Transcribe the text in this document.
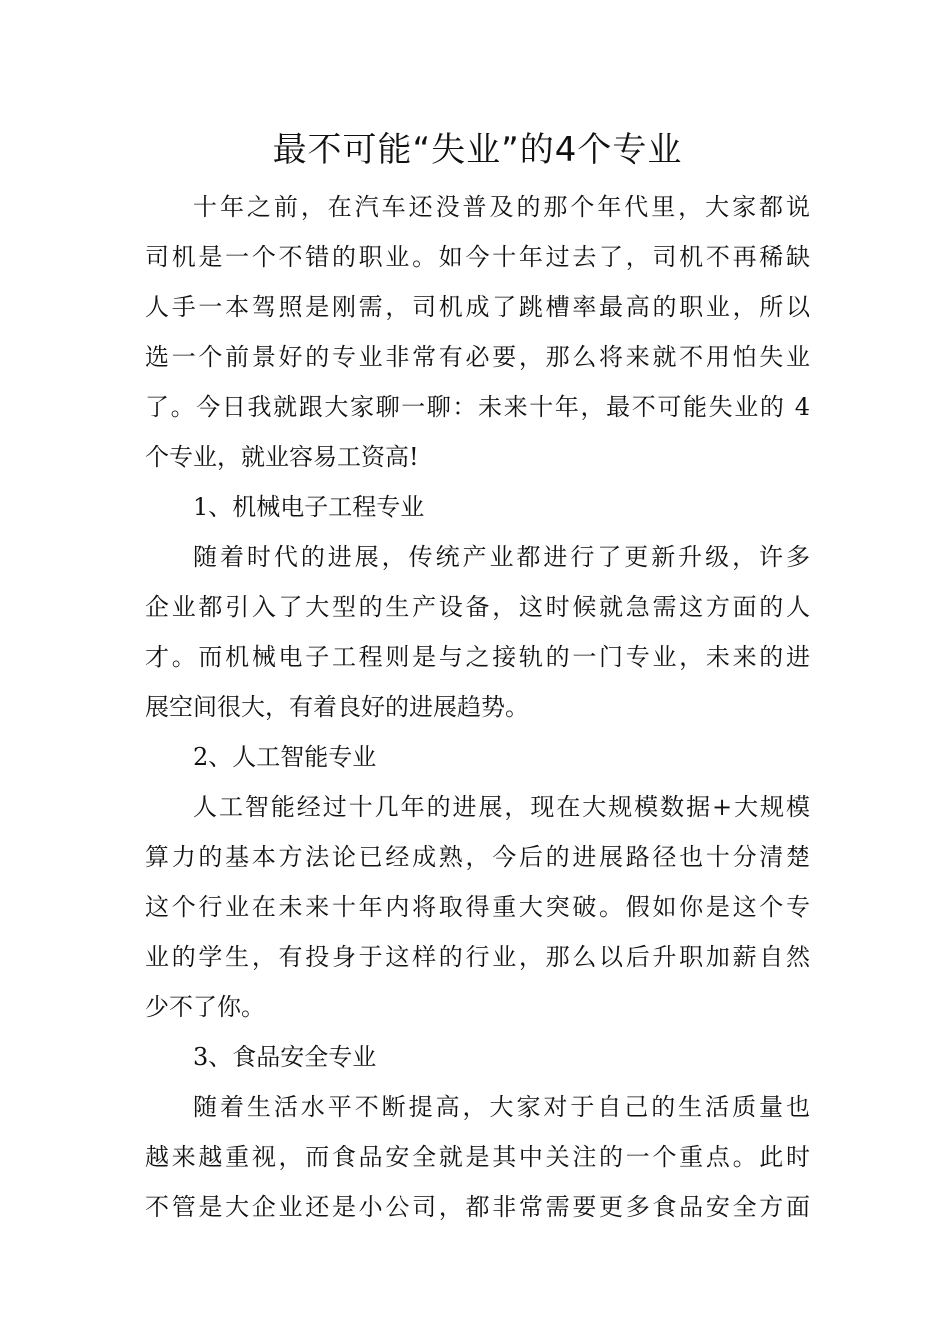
最不可能“失业”的4个专业
十年之前，在汽车还没普及的那个年代里，大家都说
司机是一个不错的职业。如今十年过去了，司机不再稀缺
人手一本驾照是刚需，司机成了跳槽率最高的职业，所以
选一个前景好的专业非常有必要，那么将来就不用怕失业
了。今日我就跟大家聊一聊：未来十年，最不可能失业的 4
个专业，就业容易工资高!
1、机械电子工程专业
随着时代的进展，传统产业都进行了更新升级，许多
企业都引入了大型的生产设备，这时候就急需这方面的人
才。而机械电子工程则是与之接轨的一门专业，未来的进
展空间很大，有着良好的进展趋势。
2、人工智能专业
人工智能经过十几年的进展，现在大规模数据+大规模
算力的基本方法论已经成熟，今后的进展路径也十分清楚
这个行业在未来十年内将取得重大突破。假如你是这个专
业的学生，有投身于这样的行业，那么以后升职加薪自然
少不了你。
3、食品安全专业
随着生活水平不断提高，大家对于自己的生活质量也
越来越重视，而食品安全就是其中关注的一个重点。此时
不管是大企业还是小公司，都非常需要更多食品安全方面
